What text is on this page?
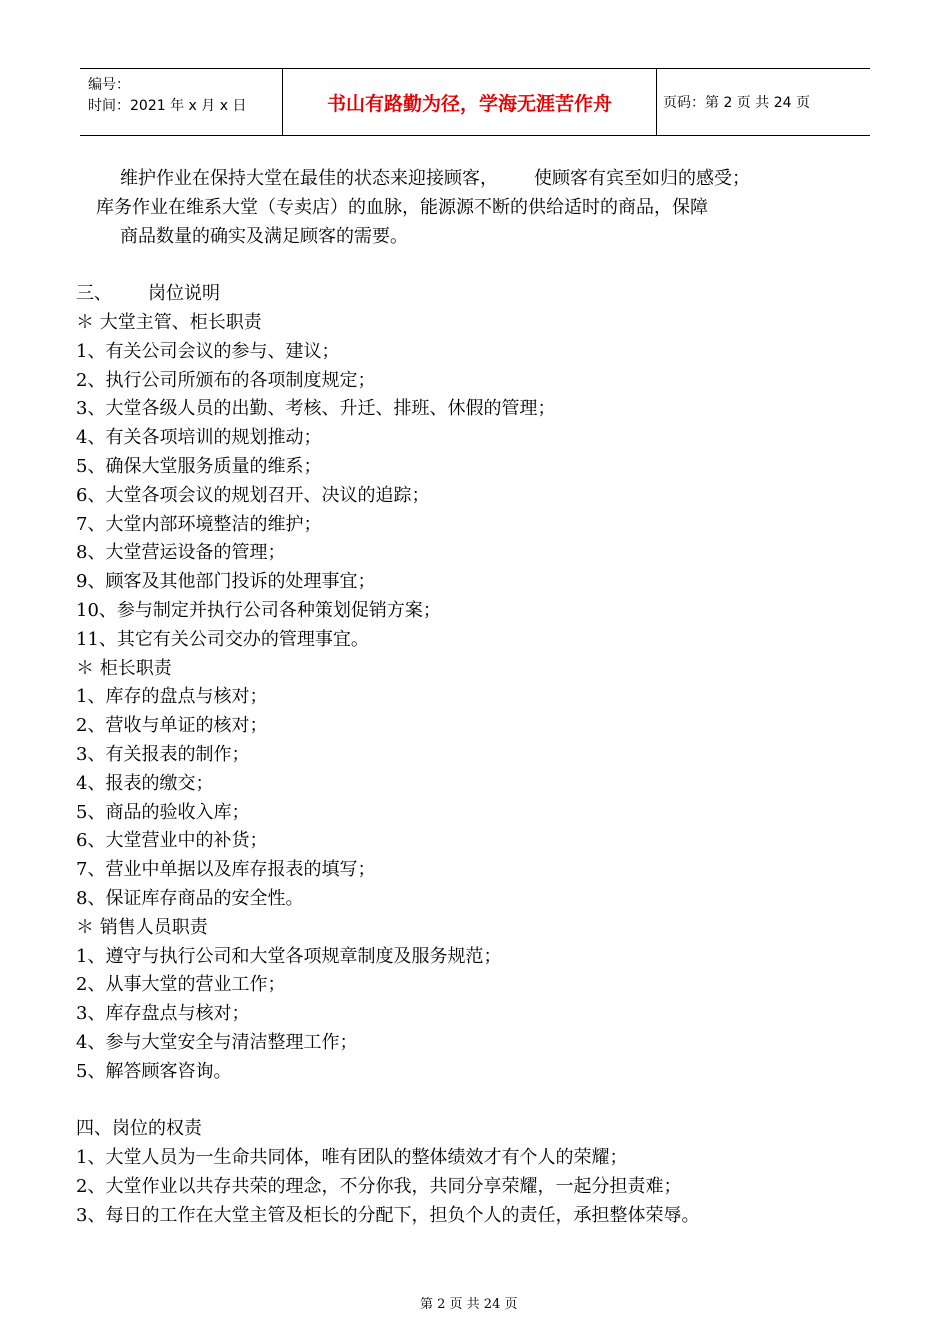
编号：
时间：2021 年 x 月 x 日	书山有路勤为径，学海无涯苦作舟	页码：第 2 页 共 24 页
维护作业在保持大堂在最佳的状态来迎接顾客， 使顾客有宾至如归的感受；
库务作业在维系大堂（专卖店）的血脉，能源源不断的供给适时的商品，保障
商品数量的确实及满足顾客的需要。
三、 岗位说明
＊ 大堂主管、柜长职责
1、有关公司会议的参与、建议；
2、执行公司所颁布的各项制度规定；
3、大堂各级人员的出勤、考核、升迁、排班、休假的管理；
4、有关各项培训的规划推动；
5、确保大堂服务质量的维系；
6、大堂各项会议的规划召开、决议的追踪；
7、大堂内部环境整洁的维护；
8、大堂营运设备的管理；
9、顾客及其他部门投诉的处理事宜；
10、参与制定并执行公司各种策划促销方案；
11、其它有关公司交办的管理事宜。
＊ 柜长职责
1、库存的盘点与核对；
2、营收与单证的核对；
3、有关报表的制作；
4、报表的缴交；
5、商品的验收入库；
6、大堂营业中的补货；
7、营业中单据以及库存报表的填写；
8、保证库存商品的安全性。
＊ 销售人员职责
1、遵守与执行公司和大堂各项规章制度及服务规范；
2、从事大堂的营业工作；
3、库存盘点与核对；
4、参与大堂安全与清洁整理工作；
5、解答顾客咨询。
四、岗位的权责
1、大堂人员为一生命共同体，唯有团队的整体绩效才有个人的荣耀；
2、大堂作业以共存共荣的理念，不分你我，共同分享荣耀，一起分担责难；
3、每日的工作在大堂主管及柜长的分配下，担负个人的责任，承担整体荣辱。
第 2 页 共 24 页
